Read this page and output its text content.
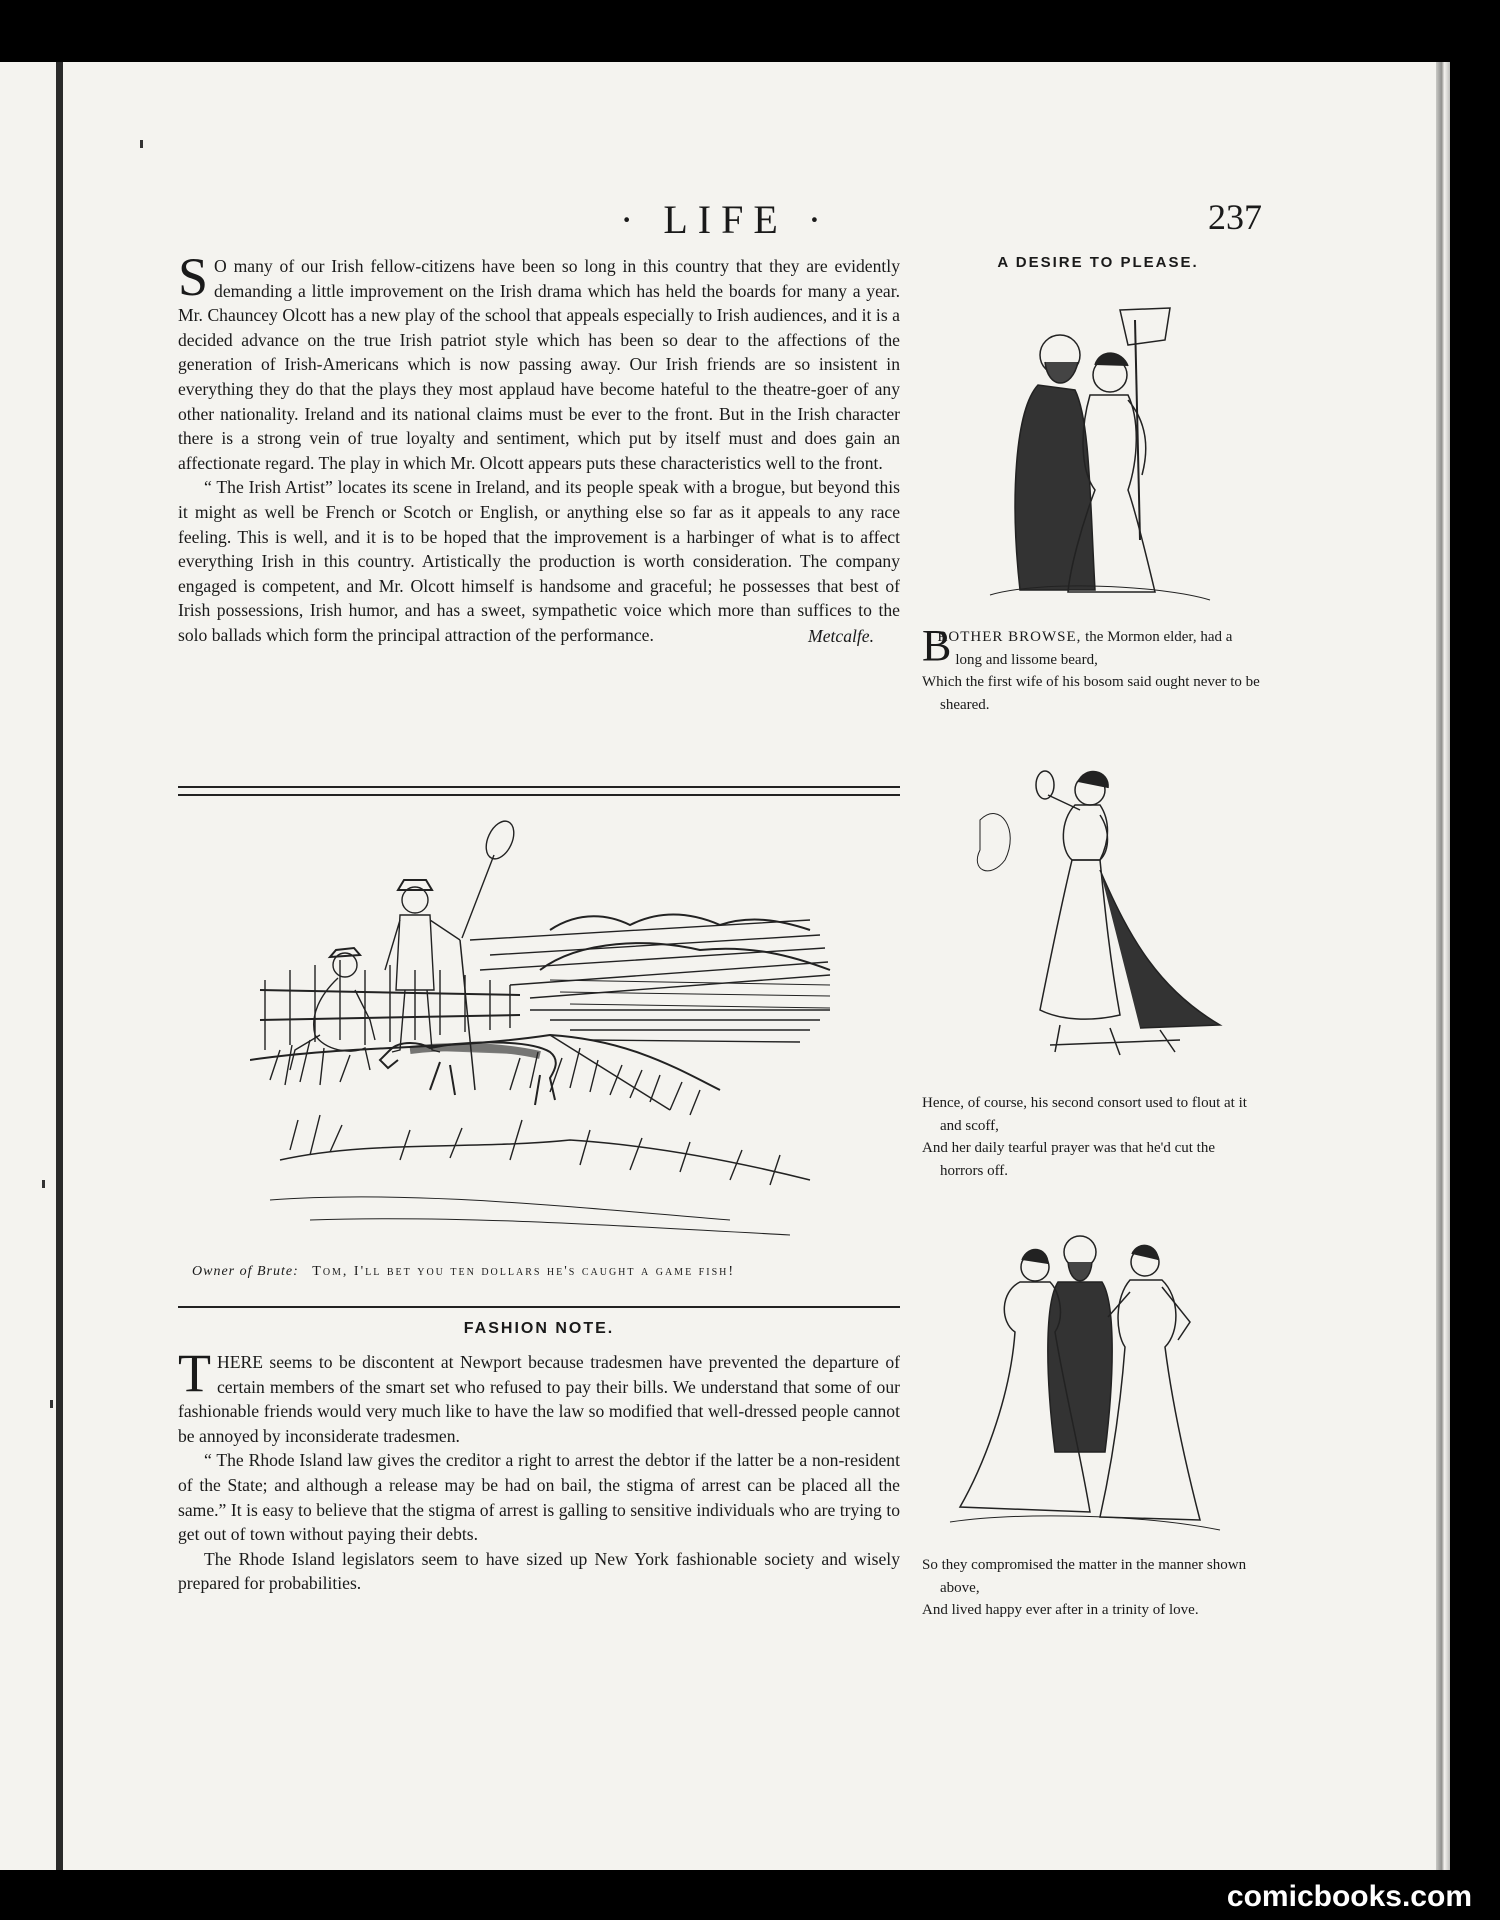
· LIFE ·	237

S O many of our Irish fellow-citizens have been so long in this country that they are evidently demanding a little improvement on the Irish drama which has held the boards for many a year. Mr. Chauncey Olcott has a new play of the school that appeals especially to Irish audiences, and it is a decided advance on the true Irish patriot style which has been so dear to the affections of the generation of Irish-Americans which is now passing away. Our Irish friends are so insistent in everything they do that the plays they most applaud have become hateful to the theatre-goer of any other nationality. Ireland and its national claims must be ever to the front. But in the Irish character there is a strong vein of true loyalty and sentiment, which put by itself must and does gain an affectionate regard. The play in which Mr. Olcott appears puts these characteristics well to the front.

“ The Irish Artist” locates its scene in Ireland, and its people speak with a brogue, but beyond this it might as well be French or Scotch or English, or anything else so far as it appeals to any race feeling. This is well, and it is to be hoped that the improvement is a harbinger of what is to affect everything Irish in this country. Artistically the production is worth consideration. The company engaged is competent, and Mr. Olcott himself is handsome and graceful; he possesses that best of Irish possessions, Irish humor, and has a sweet, sympathetic voice which more than suffices to the solo ballads which form the principal attraction of the performance.	Metcalfe.
Owner of Brute: Tom, I'll bet you ten dollars he's caught a game fish!
FASHION NOTE.

THERE seems to be discontent at Newport because tradesmen have prevented the departure of certain members of the smart set who refused to pay their bills. We understand that some of our fashionable friends would very much like to have the law so modified that well-dressed people cannot be annoyed by inconsiderate tradesmen.

“ The Rhode Island law gives the creditor a right to arrest the debtor if the latter be a non-resident of the State; and although a release may be had on bail, the stigma of arrest can be placed all the same.” It is easy to believe that the stigma of arrest is galling to sensitive individuals who are trying to get out of town without paying their debts.

The Rhode Island legislators seem to have sized up New York fashionable society and wisely prepared for probabilities.

A DESIRE TO PLEASE.
B
ROTHER BROWSE, the Mormon elder, had a long and lissome beard,
Which the first wife of his bosom said ought never to be sheared.
Hence, of course, his second consort used to flout at it and scoff,
And her daily tearful prayer was that he'd cut the horrors off.
So they compromised the matter in the manner shown above,
And lived happy ever after in a trinity of love.
comicbooks.com
